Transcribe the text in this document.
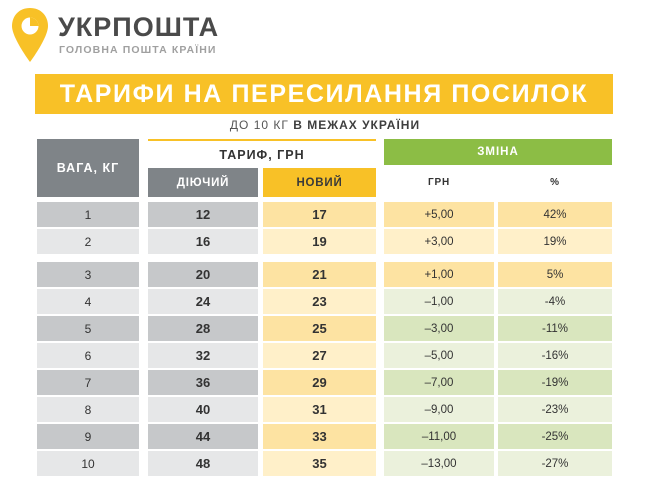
УКРПОШТА
ГОЛОВНА ПОШТА КРАЇНИ
ТАРИФИ НА ПЕРЕСИЛАННЯ ПОСИЛОК
ДО 10 КГ В МЕЖАХ УКРАЇНИ
ВАГА, КГ
ТАРИФ, ГРН
ДІЮЧИЙ	НОВИЙ
ЗМІНА
ГРН	%
1	12	17	+5,00	42%
2	16	19	+3,00	19%
3	20	21	+1,00	5%
4	24	23	–1,00	-4%
5	28	25	–3,00	-11%
6	32	27	–5,00	-16%
7	36	29	–7,00	-19%
8	40	31	–9,00	-23%
9	44	33	–11,00	-25%
10	48	35	–13,00	-27%
